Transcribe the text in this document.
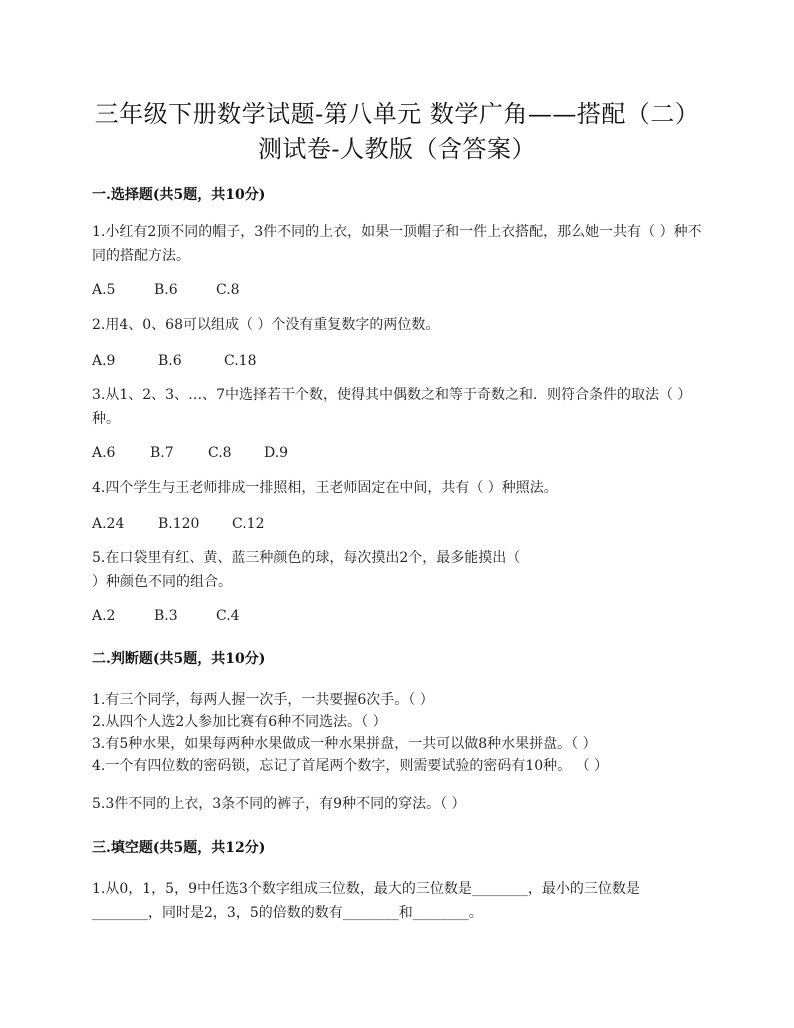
三年级下册数学试题-第八单元 数学广角——搭配（二）
测试卷-人教版（含答案）
一.选择题(共5题，共10分)
1.小红有2顶不同的帽子，3件不同的上衣，如果一顶帽子和一件上衣搭配，那么她一共有（ ）种不同的搭配方法。
A.5	B.6	C.8
2.用4、0、68可以组成（ ）个没有重复数字的两位数。
A.9	B.6	C.18
3.从1、2、3、…、7中选择若干个数，使得其中偶数之和等于奇数之和．则符合条件的取法（ ）种。
A.6 B.7 C.8 D.9
4.四个学生与王老师排成一排照相，王老师固定在中间，共有（ ）种照法。
A.24 B.120 C.12
5.在口袋里有红、黄、蓝三种颜色的球，每次摸出2个，最多能摸出（
）种颜色不同的组合。
A.2	B.3	C.4
二.判断题(共5题，共10分)
1.有三个同学，每两人握一次手，一共要握6次手。（ ）
2.从四个人选2人参加比赛有6种不同选法。（ ）
3.有5种水果，如果每两种水果做成一种水果拼盘，一共可以做8种水果拼盘。（ ）
4.一个有四位数的密码锁，忘记了首尾两个数字，则需要试验的密码有10种。 （ ）
5.3件不同的上衣，3条不同的裤子，有9种不同的穿法。（ ）
三.填空题(共5题，共12分)
1.从0，1，5，9中任选3个数字组成三位数，最大的三位数是________，最小的三位数是________，同时是2，3，5的倍数的数有________和________。
